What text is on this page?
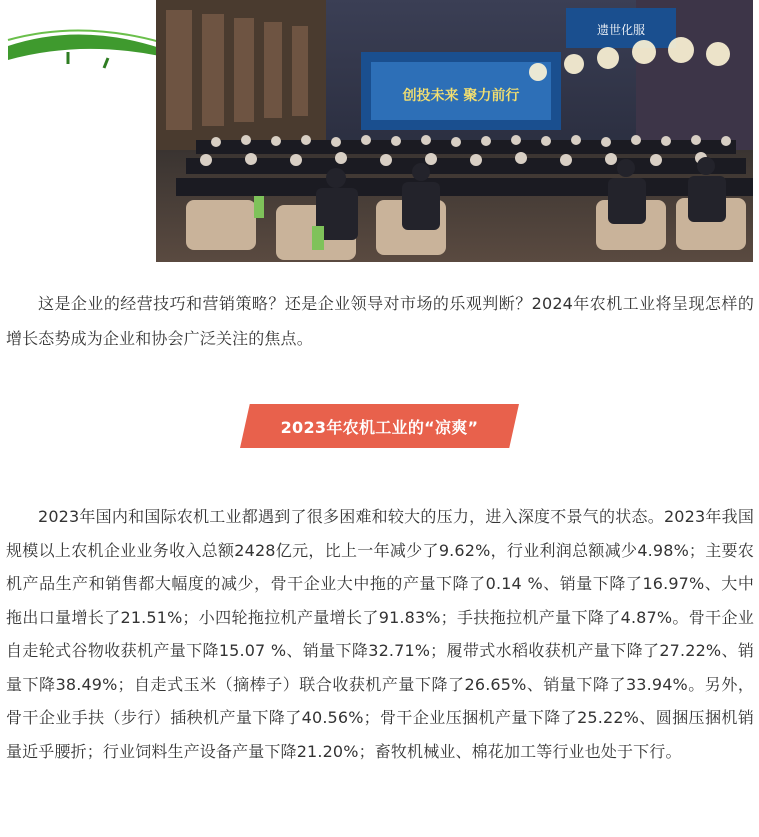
创投未来 聚力前行
遗世化服

这是企业的经营技巧和营销策略？还是企业领导对市场的乐观判断？2024年农机工业将呈现怎样的增长态势成为企业和协会广泛关注的焦点。

2023年农机工业的“凉爽”

2023年国内和国际农机工业都遇到了很多困难和较大的压力，进入深度不景气的状态。2023年我国规模以上农机企业业务收入总额2428亿元，比上一年减少了9.62%，行业利润总额减少4.98%；主要农机产品生产和销售都大幅度的减少，骨干企业大中拖的产量下降了0.14 %、销量下降了16.97%、大中拖出口量增长了21.51%；小四轮拖拉机产量增长了91.83%；手扶拖拉机产量下降了4.87%。骨干企业自走轮式谷物收获机产量下降15.07 %、销量下降32.71%；履带式水稻收获机产量下降了27.22%、销量下降38.49%；自走式玉米（摘棒子）联合收获机产量下降了26.65%、销量下降了33.94%。另外，骨干企业手扶（步行）插秧机产量下降了40.56%；骨干企业压捆机产量下降了25.22%、圆捆压捆机销量近乎腰折；行业饲料生产设备产量下降21.20%；畜牧机械业、棉花加工等行业也处于下行。
